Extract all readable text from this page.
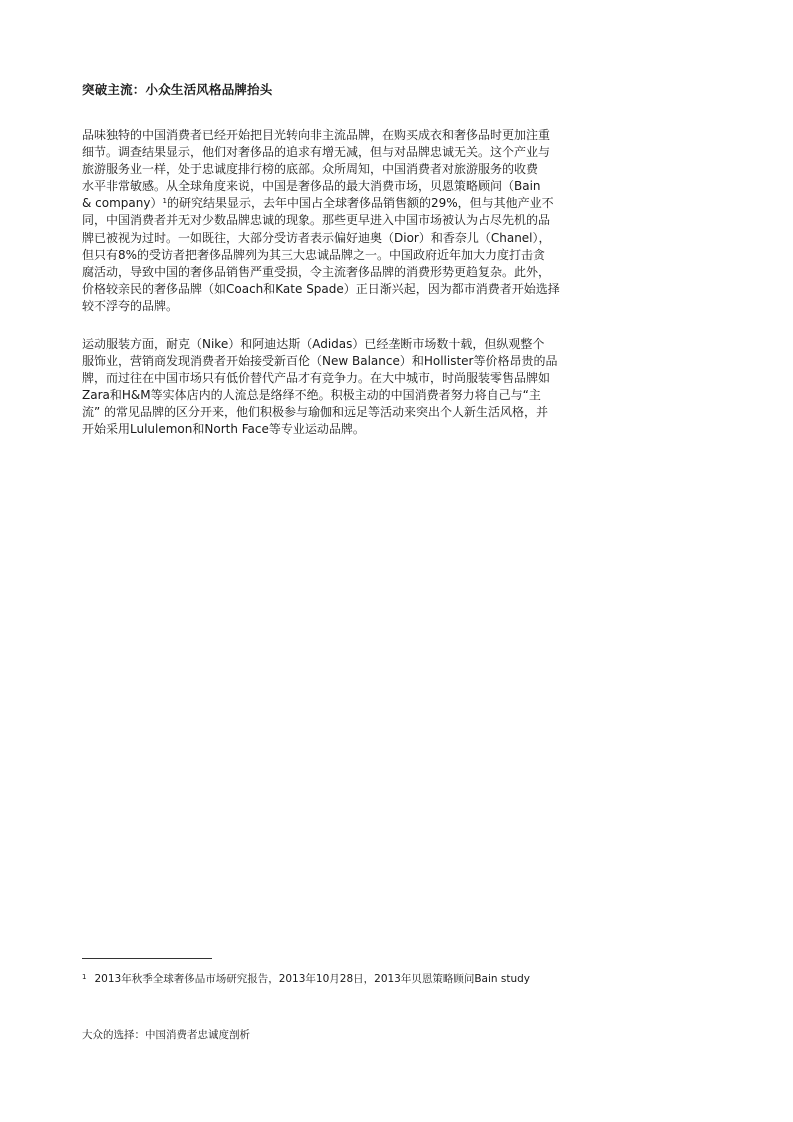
突破主流：小众生活风格品牌抬头
品味独特的中国消费者已经开始把目光转向非主流品牌，在购买成衣和奢侈品时更加注重
细节。调查结果显示，他们对奢侈品的追求有增无减，但与对品牌忠诚无关。这个产业与
旅游服务业一样，处于忠诚度排行榜的底部。众所周知，中国消费者对旅游服务的收费
水平非常敏感。从全球角度来说，中国是奢侈品的最大消费市场，贝恩策略顾问（Bain
& company）$^1$的研究结果显示，去年中国占全球奢侈品销售额的29%，但与其他产业不
同，中国消费者并无对少数品牌忠诚的现象。那些更早进入中国市场被认为占尽先机的品
牌已被视为过时。一如既往，大部分受访者表示偏好迪奥（Dior）和香奈儿（Chanel），
但只有8%的受访者把奢侈品牌列为其三大忠诚品牌之一。中国政府近年加大力度打击贪
腐活动，导致中国的奢侈品销售严重受损，令主流奢侈品牌的消费形势更趋复杂。此外，
价格较亲民的奢侈品牌（如Coach和Kate Spade）正日渐兴起，因为都市消费者开始选择
较不浮夸的品牌。
运动服装方面，耐克（Nike）和阿迪达斯（Adidas）已经垄断市场数十载，但纵观整个
服饰业，营销商发现消费者开始接受新百伦（New Balance）和Hollister等价格昂贵的品
牌，而过往在中国市场只有低价替代产品才有竞争力。在大中城市，时尚服装零售品牌如
Zara和H&M等实体店内的人流总是络绎不绝。积极主动的中国消费者努力将自己与“主
流” 的常见品牌的区分开来，他们积极参与瑜伽和远足等活动来突出个人新生活风格，并
开始采用Lululemon和North Face等专业运动品牌。
$^1$ 2013年秋季全球奢侈品市场研究报告，2013年10月28日，2013年贝恩策略顾问Bain study
大众的选择：中国消费者忠诚度剖析
